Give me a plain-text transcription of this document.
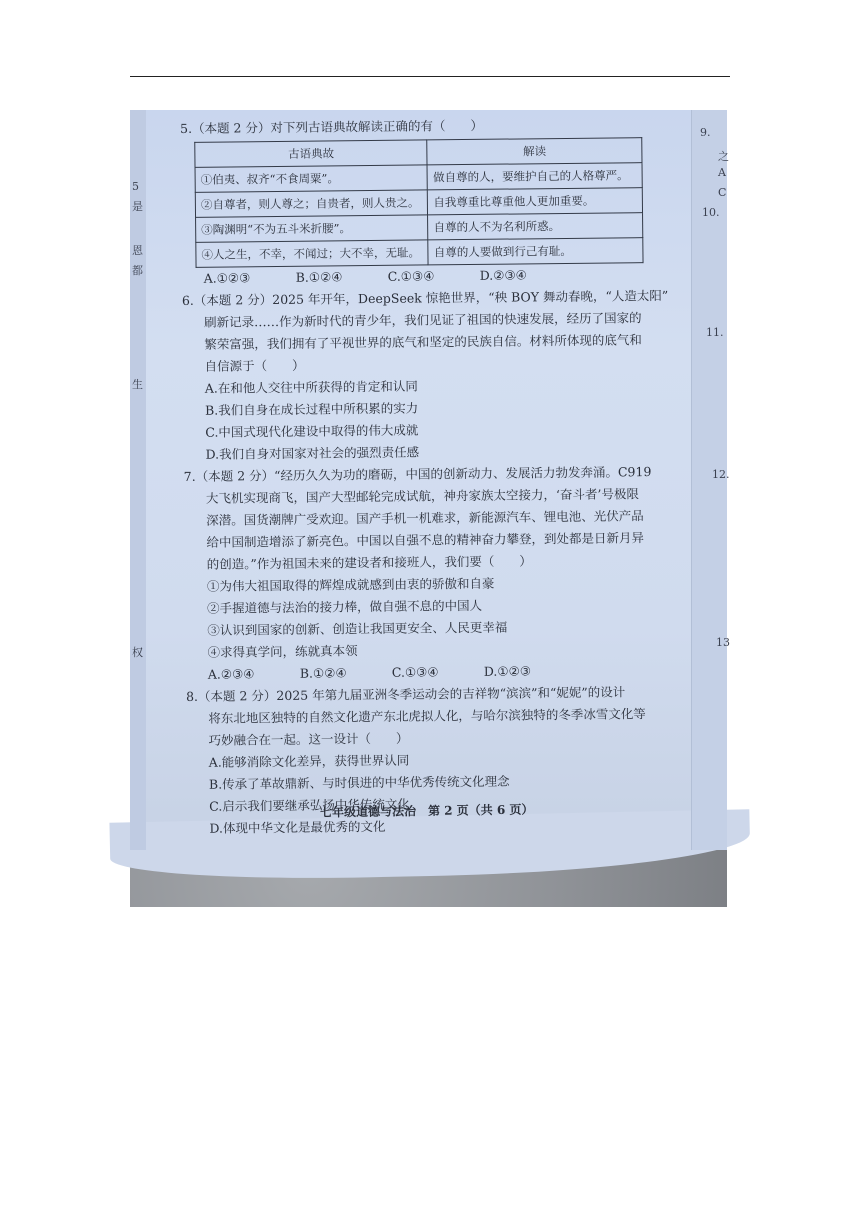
5
是
恩
都
生
权
9.
之
A
C
10.
11.
12.
13

5.（本题 2 分）对下列古语典故解读正确的有（　　）

古语典故	解读
①伯夷、叔齐“不食周粟”。	做自尊的人，要维护自己的人格尊严。
②自尊者，则人尊之；自贵者，则人贵之。	自我尊重比尊重他人更加重要。
③陶渊明“不为五斗米折腰”。	自尊的人不为名利所惑。
④人之生，不幸，不闻过；大不幸，无耻。	自尊的人要做到行己有耻。
A.①②③	B.①②④	C.①③④	D.②③④

6.（本题 2 分）2025 年开年，DeepSeek 惊艳世界，“秧 BOY 舞动春晚，“人造太阳”

刷新记录……作为新时代的青少年，我们见证了祖国的快速发展，经历了国家的

繁荣富强，我们拥有了平视世界的底气和坚定的民族自信。材料所体现的底气和

自信源于（　　）

A.在和他人交往中所获得的肯定和认同

B.我们自身在成长过程中所积累的实力

C.中国式现代化建设中取得的伟大成就

D.我们自身对国家对社会的强烈责任感

7.（本题 2 分）“经历久久为功的磨砺，中国的创新动力、发展活力勃发奔涌。C919

大飞机实现商飞，国产大型邮轮完成试航，神舟家族太空接力，‘奋斗者’号极限

深潜。国货潮牌广受欢迎。国产手机一机难求，新能源汽车、锂电池、光伏产品

给中国制造增添了新亮色。中国以自强不息的精神奋力攀登，到处都是日新月异

的创造。”作为祖国未来的建设者和接班人，我们要（　　）

①为伟大祖国取得的辉煌成就感到由衷的骄傲和自豪

②手握道德与法治的接力棒，做自强不息的中国人

③认识到国家的创新、创造让我国更安全、人民更幸福

④求得真学问，练就真本领

A.②③④	B.①②④	C.①③④	D.①②③

8.（本题 2 分）2025 年第九届亚洲冬季运动会的吉祥物“滨滨”和“妮妮”的设计

将东北地区独特的自然文化遗产东北虎拟人化，与哈尔滨独特的冬季冰雪文化等

巧妙融合在一起。这一设计（　　）

A.能够消除文化差异，获得世界认同

B.传承了革故鼎新、与时俱进的中华优秀传统文化理念

C.启示我们要继承弘扬中华传统文化

D.体现中华文化是最优秀的文化

七年级道德与法治　第 2 页（共 6 页）
